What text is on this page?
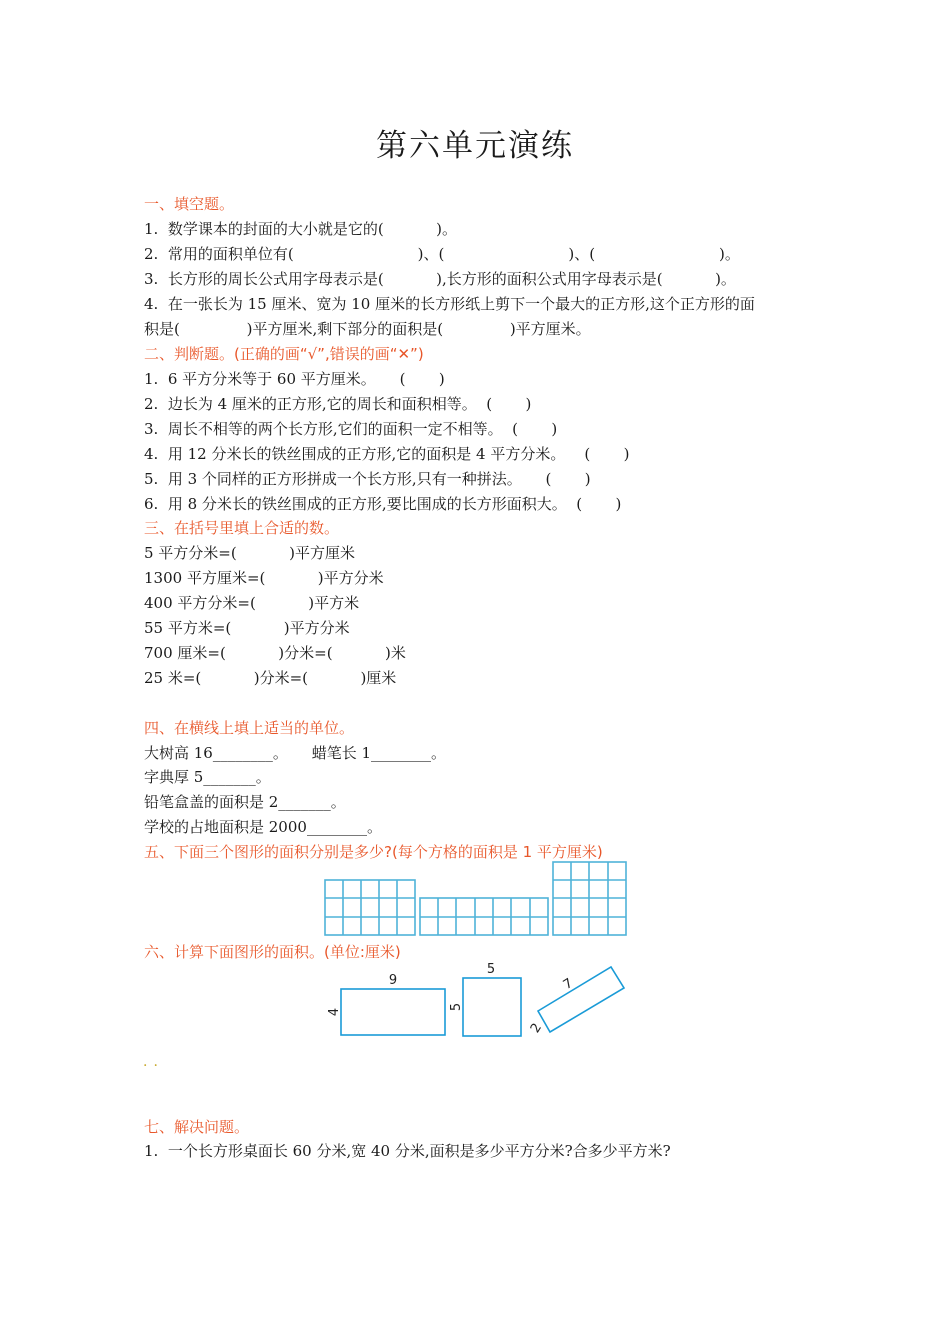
第六单元演练
一、填空题。
1.  数学课本的封面的大小就是它的(           )。
2.  常用的面积单位有(                          )、(                          )、(                          )。
3.  长方形的周长公式用字母表示是(           ),长方形的面积公式用字母表示是(           )。
4.  在一张长为 15 厘米、宽为 10 厘米的长方形纸上剪下一个最大的正方形,这个正方形的面
积是(              )平方厘米,剩下部分的面积是(              )平方厘米。
二、判断题。(正确的画“√”,错误的画“✕”)
1.  6 平方分米等于 60 平方厘米。     (       )
2.  边长为 4 厘米的正方形,它的周长和面积相等。  (       )
3.  周长不相等的两个长方形,它们的面积一定不相等。  (       )
4.  用 12 分米长的铁丝围成的正方形,它的面积是 4 平方分米。    (       )
5.  用 3 个同样的正方形拼成一个长方形,只有一种拼法。     (       )
6.  用 8 分米长的铁丝围成的正方形,要比围成的长方形面积大。  (       )
三、在括号里填上合适的数。
5 平方分米=(           )平方厘米
1300 平方厘米=(           )平方分米
400 平方分米=(           )平方米
55 平方米=(           )平方分米
700 厘米=(           )分米=(           )米
25 米=(           )分米=(           )厘米
四、在横线上填上适当的单位。
大树高 16________。     蜡笔长 1________。
字典厚 5_______。
铅笔盒盖的面积是 2_______。
学校的占地面积是 2000________。
五、下面三个图形的面积分别是多少?(每个方格的面积是 1 平方厘米)
六、计算下面图形的面积。(单位:厘米)
9
4
5
5
7
2
··
七、解决问题。
1.  一个长方形桌面长 60 分米,宽 40 分米,面积是多少平方分米?合多少平方米?
